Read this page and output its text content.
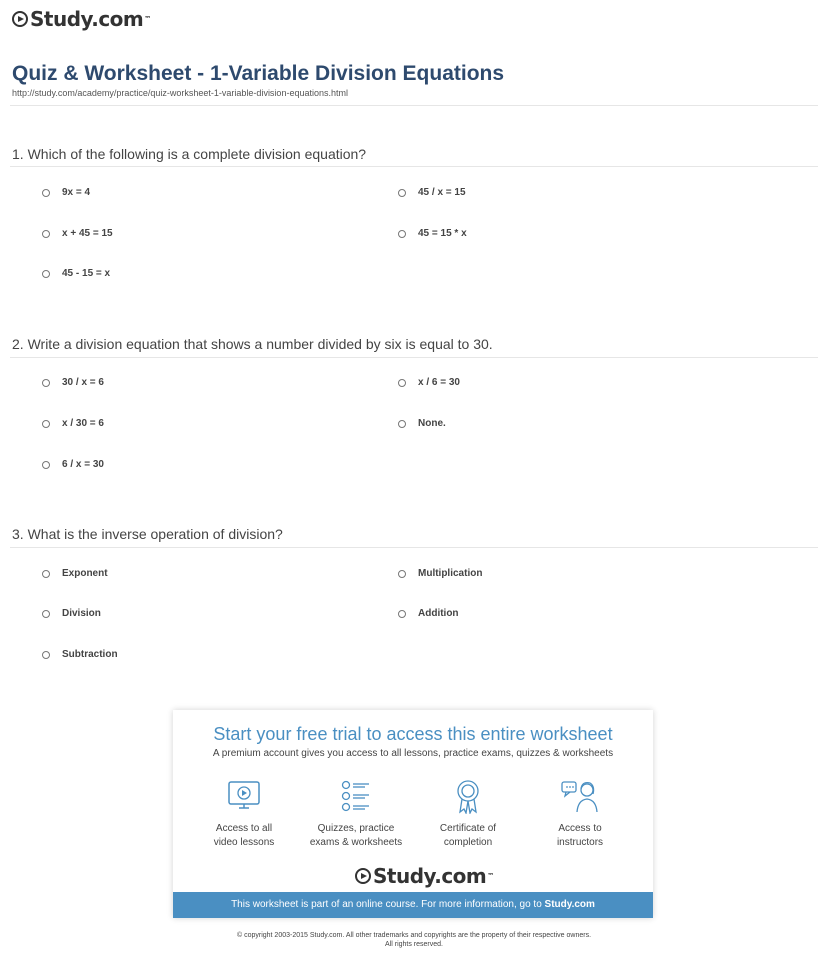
Study.com ™
Quiz & Worksheet - 1-Variable Division Equations
http://study.com/academy/practice/quiz-worksheet-1-variable-division-equations.html
1. Which of the following is a complete division equation?
9x = 4	45 / x = 15
x + 45 = 15	45 = 15 * x
45 - 15 = x
2. Write a division equation that shows a number divided by six is equal to 30.
30 / x = 6	x / 6 = 30
x / 30 = 6	None.
6 / x = 30
3. What is the inverse operation of division?
Exponent	Multiplication
Division	Addition
Subtraction
Start your free trial to access this entire worksheet
A premium account gives you access to all lessons, practice exams, quizzes & worksheets
Access to all
video lessons
Quizzes, practice
exams & worksheets
Certificate of
completion
Access to
instructors
Study.com ™
This worksheet is part of an online course. For more information, go to Study.com
© copyright 2003-2015 Study.com. All other trademarks and copyrights are the property of their respective owners.
All rights reserved.
